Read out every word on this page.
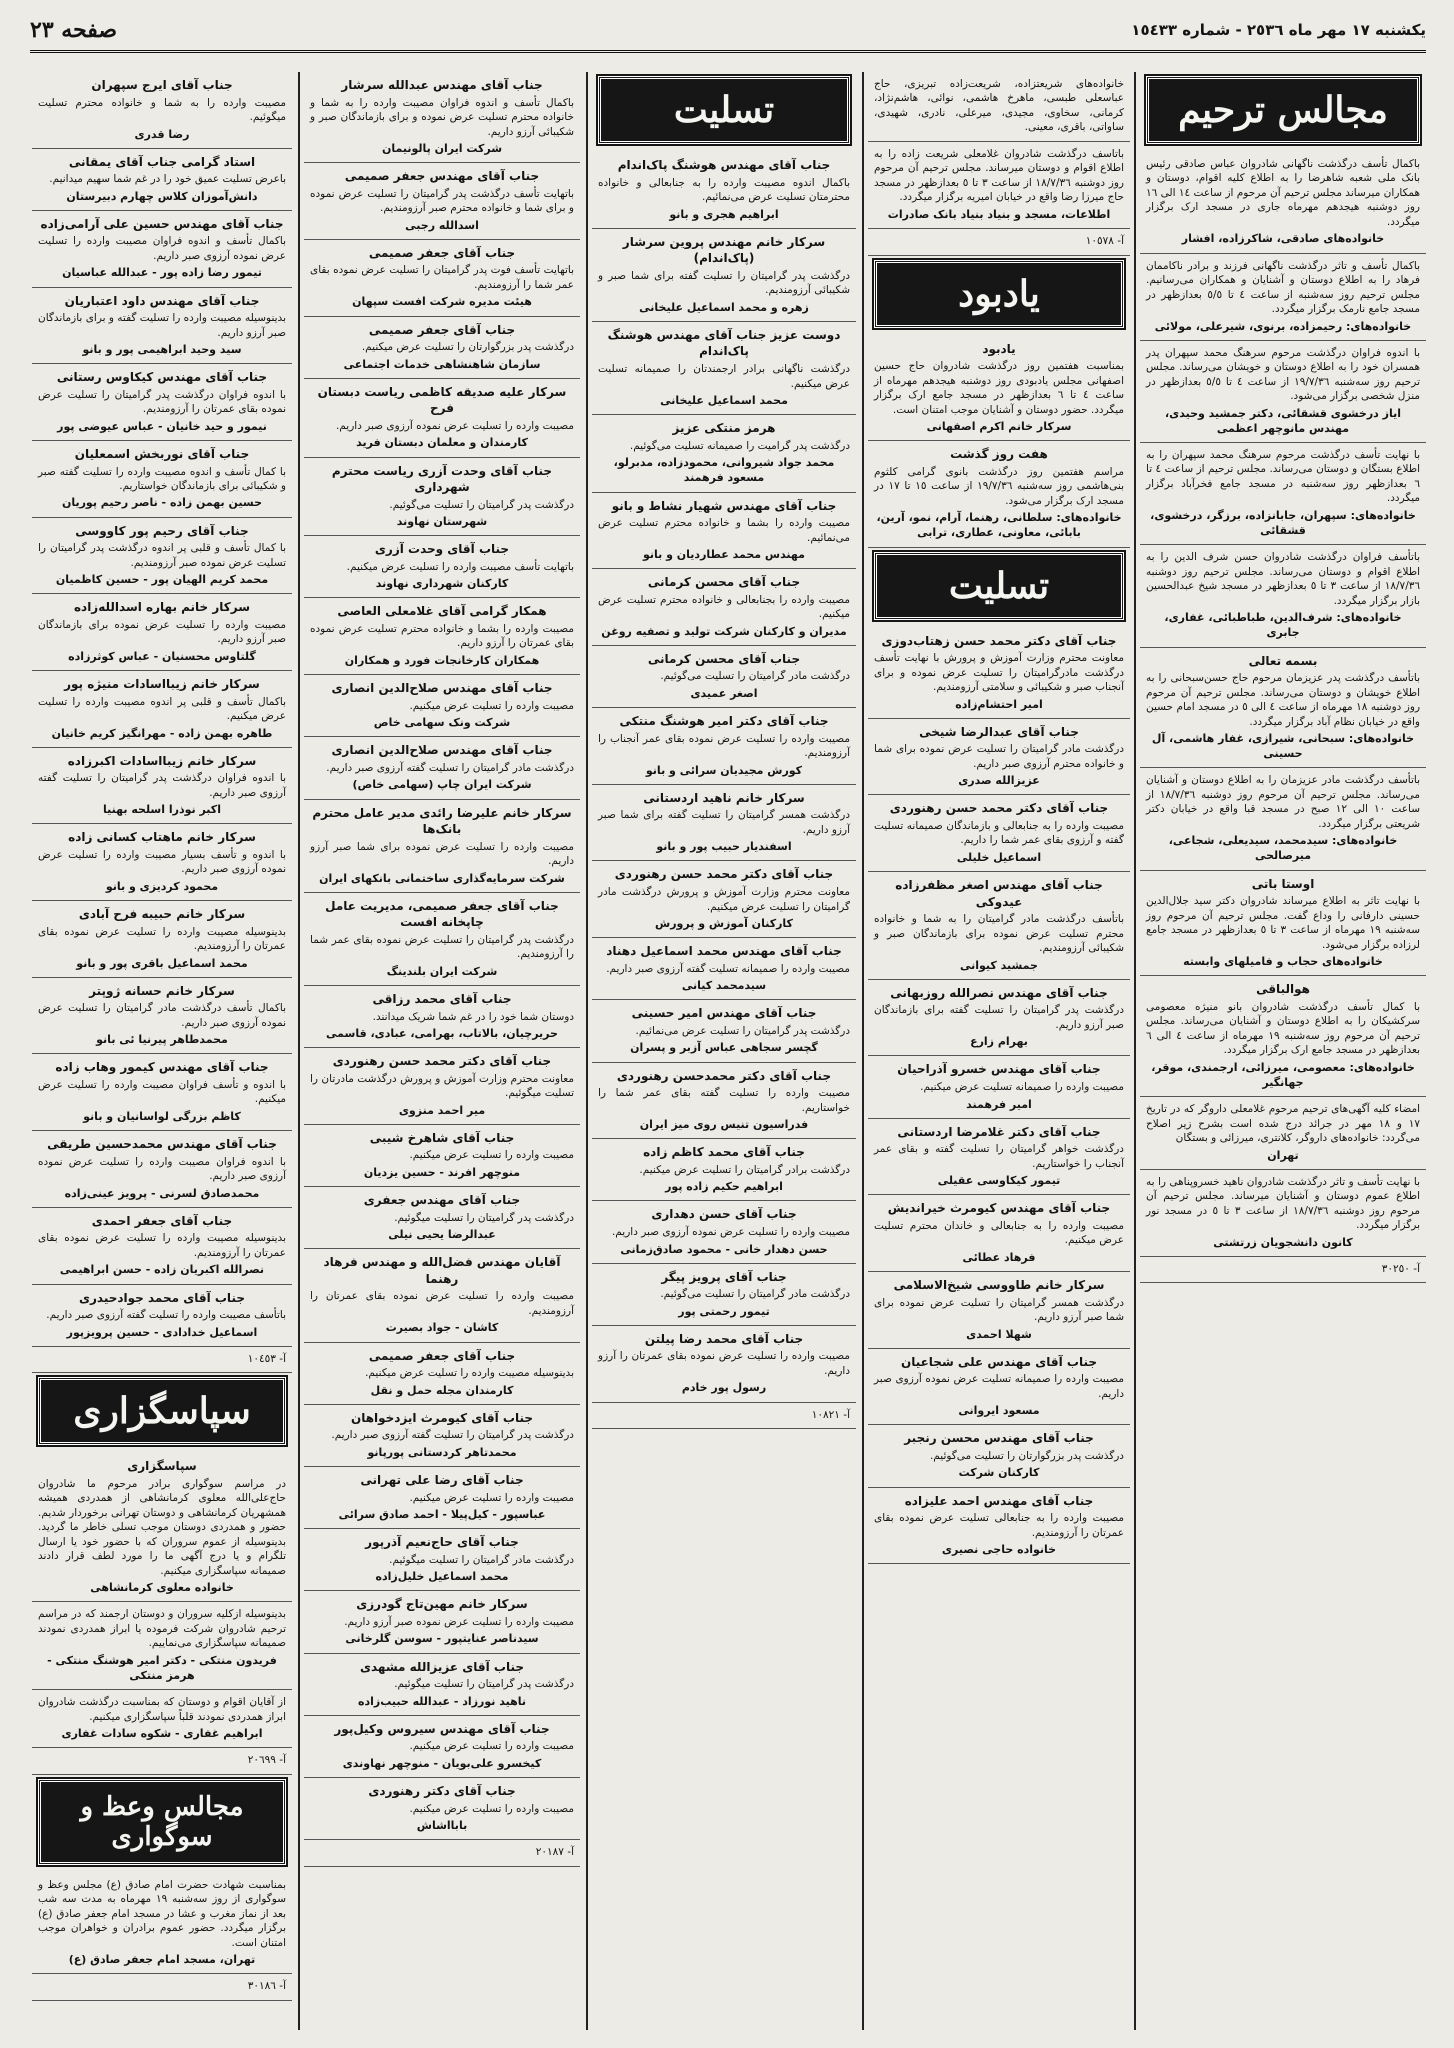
يكشنبه ١٧ مهر ماه ٢٥٣٦ - شماره ١٥٤٣٣
صفحه ٢٣
مجالس ترحيم
باکمال تأسف درگذشت ناگهانی شادروان عباس صادقی رئیس بانک ملی شعبه شاهرضا را به اطلاع کلیه اقوام، دوستان و همکاران میرساند مجلس ترحیم آن مرحوم از ساعت ١٤ الی ١٦ روز دوشنبه هیجدهم مهرماه جاری در مسجد ارک برگزار میگردد.
خانواده‌های صادقی، شاکرزاده، افشار
باکمال تأسف و تاثر درگذشت ناگهانی فرزند و برادر ناکاممان فرهاد را به اطلاع دوستان و آشنایان و همکاران می‌رسانیم. مجلس ترحیم روز سه‌شنبه از ساعت ٤ تا ٥/٥ بعدازظهر در مسجد جامع نارمک برگزار میگردد.
خانواده‌های: رحیمزاده، برنوی، شیرعلی، مولائی
با اندوه فراوان درگذشت مرحوم سرهنگ محمد سپهران پدر همسران خود را به اطلاع دوستان و خویشان می‌رساند. مجلس ترحیم روز سه‌شنبه ١٩/٧/٣٦ از ساعت ٤ تا ٥/٥ بعدازظهر در منزل شخصی برگزار می‌شود.
ایاز درخشوی قشقائی، دکتر جمشید وحیدی، مهندس مانوچهر اعظمی
با نهایت تأسف درگذشت مرحوم سرهنگ محمد سپهران را به اطلاع بستگان و دوستان می‌رساند. مجلس ترحیم از ساعت ٤ تا ٦ بعدازظهر روز سه‌شنبه در مسجد جامع فخرآباد برگزار میگردد.
خانواده‌های: سپهران، جابانزاده، برزگر، درخشوی، قشقائی
باتأسف فراوان درگذشت شادروان حسن شرف الدین را به اطلاع اقوام و دوستان می‌رساند. مجلس ترحیم روز دوشنبه ١٨/٧/٣٦ از ساعت ٣ تا ٥ بعدازظهر در مسجد شیخ عبدالحسین بازار برگزار میگردد.
خانواده‌های: شرف‌الدین، طباطبائی، غفاری، جابری
بسمه تعالی
باتأسف درگذشت پدر عزیزمان مرحوم حاج حسن‌سبحانی را به اطلاع خویشان و دوستان می‌رساند. مجلس ترحیم آن مرحوم روز دوشنبه ١٨ مهرماه از ساعت ٤ الی ٥ در مسجد امام حسین واقع در خیابان نظام آباد برگزار میگردد.
خانواده‌های: سبحانی، شیرازی، غفار هاشمی، آل حسینی
باتأسف درگذشت مادر عزیزمان را به اطلاع دوستان و آشنایان می‌رساند. مجلس ترحیم آن مرحوم روز دوشنبه ١٨/٧/٣٦ از ساعت ١٠ الی ١٢ صبح در مسجد قبا واقع در خیابان دکتر شریعتی برگزار میگردد.
خانواده‌های: سیدمحمد، سیدیعلی، شجاعی، میرصالحی
اوستا باتی
با نهایت تاثر به اطلاع میرساند شادروان دکتر سید جلال‌الدین حسینی دارفانی را وداع گفت. مجلس ترحیم آن مرحوم روز سه‌شنبه ١٩ مهرماه از ساعت ٣ تا ٥ بعدازظهر در مسجد جامع لرزاده برگزار می‌شود.
خانواده‌های حجاب و فامیلهای وابسته
هوالباقی
با کمال تأسف درگذشت شادروان بانو منیژه معصومی سرکشیکان را به اطلاع دوستان و آشنایان می‌رساند. مجلس ترحیم آن مرحوم روز سه‌شنبه ١٩ مهرماه از ساعت ٤ الی ٦ بعدازظهر در مسجد جامع ارک برگزار میگردد.
خانواده‌های: معصومی، میرزائی، ارجمندی، موقر، جهانگیر
امضاء کلیه آگهی‌های ترحیم مرحوم غلامعلی داروگر که در تاریخ ١٧ و ١٨ مهر در جرائد درج شده است بشرح زیر اصلاح می‌گردد: خانواده‌های داروگر، کلانتری، میرزائی و بستگان
تهران
با نهایت تأسف و تاثر درگذشت شادروان ناهید خسروپناهی را به اطلاع عموم دوستان و آشنایان میرساند. مجلس ترحیم آن مرحوم روز دوشنبه ١٨/٧/٣٦ از ساعت ٣ تا ٥ در مسجد نور برگزار میگردد.
کانون دانشجویان زرتشتی
آ- ٣٠٢٥٠
خانواده‌های شریعتزاده، شریعت‌زاده تبریزی، حاج عباسعلی طبسی، ماهرخ هاشمی، نوائی، هاشم‌نژاد، کرمانی، سخاوی، مجیدی، میرعلی، نادری، شهیدی، ساواتی، باقری، معینی.
باتاسف درگذشت شادروان غلامعلی شریعت زاده را به اطلاع اقوام و دوستان میرساند. مجلس ترحیم آن مرحوم روز دوشنبه ١٨/٧/٣٦ از ساعت ٣ تا ٥ بعدازظهر در مسجد حاج میرزا رضا واقع در خیابان امیریه برگزار میگردد.
اطلاعات، مسجد و بنیاد بنیاد بانک صادرات
آ- ١٠٥٧٨
يادبود
یادبود
بمناسبت هفتمین روز درگذشت شادروان حاج حسین اصفهانی مجلس یادبودی روز دوشنبه هیجدهم مهرماه از ساعت ٤ تا ٦ بعدازظهر در مسجد جامع ارک برگزار میگردد. حضور دوستان و آشنایان موجب امتنان است.
سرکار خانم اکرم اصفهانی
هفت روز گذشت
مراسم هفتمین روز درگذشت بانوی گرامی کلثوم بنی‌هاشمی روز سه‌شنبه ١٩/٧/٣٦ از ساعت ١٥ تا ١٧ در مسجد ارک برگزار می‌شود.
خانواده‌های: سلطانی، رهنما، آرام، نمو، آرین، بابائی، معاونی، عطاری، ترابی
تسليت
جناب آقای دکتر محمد حسن زهتاب‌دوزی
معاونت محترم وزارت آموزش و پرورش با نهایت تأسف درگذشت مادرگرامیتان را تسلیت عرض نموده و برای آنجناب صبر و شکیبائی و سلامتی آرزومندیم.
امیر احتشام‌زاده
جناب آقای عبدالرضا شیخی
درگذشت مادر گرامیتان را تسلیت عرض نموده برای شما و خانواده محترم آرزوی صبر داریم.
عزیزالله صدری
جناب آقای دکتر محمد حسن رهنوردی
مصیبت وارده را به جنابعالی و بازماندگان صمیمانه تسلیت گفته و آرزوی بقای عمر شما را داریم.
اسماعیل خلیلی
جناب آقای مهندس اصغر مظفرزاده عیدوکی
باتأسف درگذشت مادر گرامیتان را به شما و خانواده محترم تسلیت عرض نموده برای بازماندگان صبر و شکیبائی آرزومندیم.
جمشید کیوانی
جناب آقای مهندس نصرالله روزبهانی
درگذشت پدر گرامیتان را تسلیت گفته برای بازماندگان صبر آرزو داریم.
بهرام زارع
جناب آقای مهندس خسرو آذراحیان
مصیبت وارده را صمیمانه تسلیت عرض میکنیم.
امیر فرهمند
جناب آقای دکتر غلامرضا اردستانی
درگذشت خواهر گرامیتان را تسلیت گفته و بقای عمر آنجناب را خواستاریم.
تیمور کیکاوسی عقیلی
جناب آقای مهندس کیومرث خیراندیش
مصیبت وارده را به جنابعالی و خاندان محترم تسلیت عرض میکنیم.
فرهاد عطائی
سرکار خانم طاووسی شیخ‌الاسلامی
درگذشت همسر گرامیتان را تسلیت عرض نموده برای شما صبر آرزو داریم.
شهلا احمدی
جناب آقای مهندس علی شجاعیان
مصیبت وارده را صمیمانه تسلیت عرض نموده آرزوی صبر داریم.
مسعود ایروانی
جناب آقای مهندس محسن رنجبر
درگذشت پدر بزرگوارتان را تسلیت می‌گوئیم.
کارکنان شرکت
جناب آقای مهندس احمد علیزاده
مصیبت وارده را به جنابعالی تسلیت عرض نموده بقای عمرتان را آرزومندیم.
خانواده حاجی نصیری
تسليت
جناب آقای مهندس هوشنگ پاک‌اندام
باکمال اندوه مصیبت وارده را به جنابعالی و خانواده محترمتان تسلیت عرض می‌نمائیم.
ابراهیم هجری و بانو
سرکار خانم مهندس پروین سرشار (پاک‌اندام)
درگذشت پدر گرامیتان را تسلیت گفته برای شما صبر و شکیبائی آرزومندیم.
زهره و محمد اسماعیل علیخانی
دوست عزیز جناب آقای مهندس هوشنگ پاک‌اندام
درگذشت ناگهانی برادر ارجمندتان را صمیمانه تسلیت عرض میکنیم.
محمد اسماعیل علیخانی
هرمز منتکی عزیز
درگذشت پدر گرامیت را صمیمانه تسلیت می‌گوئیم.
محمد جواد شیروانی، محمودزاده، مدبرلو، مسعود فرهمند
جناب آقای مهندس شهیار نشاط و بانو
مصیبت وارده را بشما و خانواده محترم تسلیت عرض می‌نمائیم.
مهندس محمد عطاردیان و بانو
جناب آقای محسن کرمانی
مصیبت وارده را بجنابعالی و خانواده محترم تسلیت عرض میکنیم.
مدیران و کارکنان شرکت تولید و تصفیه روغن
جناب آقای محسن کرمانی
درگذشت مادر گرامیتان را تسلیت می‌گوئیم.
اصغر عمیدی
جناب آقای دکتر امیر هوشنگ منتکی
مصیبت وارده را تسلیت عرض نموده بقای عمر آنجناب را آرزومندیم.
کورش مجیدیان سرائی و بانو
سرکار خانم ناهید اردستانی
درگذشت همسر گرامیتان را تسلیت گفته برای شما صبر آرزو داریم.
اسفندیار حبیب پور و بانو
جناب آقای دکتر محمد حسن رهنوردی
معاونت محترم وزارت آموزش و پرورش درگذشت مادر گرامیتان را تسلیت عرض میکنیم.
کارکنان آموزش و پرورش
جناب آقای مهندس محمد اسماعیل دهناد
مصیبت وارده را صمیمانه تسلیت گفته آرزوی صبر داریم.
سیدمحمد کیانی
جناب آقای مهندس امیر حسینی
درگذشت پدر گرامیتان را تسلیت عرض می‌نمائیم.
گچسر سجاهی عباس آزبر و پسران
جناب آقای دکتر محمدحسن رهنوردی
مصیبت وارده را تسلیت گفته بقای عمر شما را خواستاریم.
فدراسیون تنیس روی میز ایران
جناب آقای محمد کاظم زاده
درگذشت برادر گرامیتان را تسلیت عرض میکنیم.
ابراهیم حکیم زاده پور
جناب آقای حسن دهداری
مصیبت وارده را تسلیت عرض نموده آرزوی صبر داریم.
حسن دهدار خانی - محمود صادق‌زمانی
جناب آقای پرویز پیگر
درگذشت مادر گرامیتان را تسلیت می‌گوئیم.
تیمور رحمتی پور
جناب آقای محمد رضا پیلتن
مصیبت وارده را تسلیت عرض نموده بقای عمرتان را آرزو داریم.
رسول پور خادم
آ- ١٠٨٢١
جناب آقای مهندس عبدالله سرشار
باکمال تأسف و اندوه فراوان مصیبت وارده را به شما و خانواده محترم تسلیت عرض نموده و برای بازماندگان صبر و شکیبائی آرزو داریم.
شرکت ایران پالونیمان
جناب آقای مهندس جعفر صمیمی
باتهایت تأسف درگذشت پدر گرامیتان را تسلیت عرض نموده و برای شما و خانواده محترم صبر آرزومندیم.
اسدالله رجبی
جناب آقای جعفر صمیمی
باتهایت تأسف فوت پدر گرامیتان را تسلیت عرض نموده بقای عمر شما را آرزومندیم.
هیئت مدیره شرکت افست سپهان
جناب آقای جعفر صمیمی
درگذشت پدر بزرگوارتان را تسلیت عرض میکنیم.
سازمان شاهنشاهی خدمات اجتماعی
سرکار علیه صدیقه کاظمی ریاست دبستان فرح
مصیبت وارده را تسلیت عرض نموده آرزوی صبر داریم.
کارمندان و معلمان دبستان فرید
جناب آقای وحدت آزری ریاست محترم شهرداری
درگذشت پدر گرامیتان را تسلیت می‌گوئیم.
شهرستان نهاوند
جناب آقای وحدت آزری
باتهایت تأسف مصیبت وارده را تسلیت عرض میکنیم.
کارکنان شهرداری نهاوند
همکار گرامی آقای غلامعلی العاصی
مصیبت وارده را بشما و خانواده محترم تسلیت عرض نموده بقای عمرتان را آرزو داریم.
همکاران کارخانجات فورد و همکاران
جناب آقای مهندس صلاح‌الدین انصاری
مصیبت وارده را تسلیت عرض میکنیم.
شرکت ونک سهامی خاص
جناب آقای مهندس صلاح‌الدین انصاری
درگذشت مادر گرامیتان را تسلیت گفته آرزوی صبر داریم.
شرکت ایران چاپ (سهامی خاص)
سرکار خانم علیرضا رائدی مدیر عامل محترم بانک‌ها
مصیبت وارده را تسلیت عرض نموده برای شما صبر آرزو داریم.
شرکت سرمایه‌گذاری ساختمانی بانکهای ایران
جناب آقای جعفر صمیمی، مدیریت عامل چاپخانه افست
درگذشت پدر گرامیتان را تسلیت عرض نموده بقای عمر شما را آرزومندیم.
شرکت ایران بلندینگ
جناب آقای محمد رزاقی
دوستان شما خود را در غم شما شریک میدانند.
حریرچیان، بالاتاب، بهرامی، عبادی، قاسمی
جناب آقای دکتر محمد حسن رهنوردی
معاونت محترم وزارت آموزش و پرورش درگذشت مادرتان را تسلیت میگوئیم.
میر احمد منزوی
جناب آقای شاهرخ شیبی
مصیبت وارده را تسلیت عرض میکنیم.
منوچهر افرند - حسین یزدیان
جناب آقای مهندس جعفری
درگذشت پدر گرامیتان را تسلیت میگوئیم.
عبدالرضا یحیی نیلی
آقایان مهندس فضل‌الله و مهندس فرهاد رهنما
مصیبت وارده را تسلیت عرض نموده بقای عمرتان را آرزومندیم.
کاشان - جواد بصیرت
جناب آقای جعفر صمیمی
بدینوسیله مصیبت وارده را تسلیت عرض میکنیم.
کارمندان مجله حمل و نقل
جناب آقای کیومرث ایزدخواهان
درگذشت پدر گرامیتان را تسلیت گفته آرزوی صبر داریم.
محمدتاهر کردستانی پورپانو
جناب آقای رضا علی تهرانی
مصیبت وارده را تسلیت عرض میکنیم.
عباسپور - کیل‌پیلا - احمد صادق سرائی
جناب آقای حاج‌نعیم آذرپور
درگذشت مادر گرامیتان را تسلیت میگوئیم.
محمد اسماعیل خلیل‌زاده
سرکار خانم مهین‌تاج گودرزی
مصیبت وارده را تسلیت عرض نموده صبر آرزو داریم.
سیدناصر عنایتپور - سوسن گلرخانی
جناب آقای عزیزالله مشهدی
درگذشت پدر گرامیتان را تسلیت میگوئیم.
ناهید نورزاد - عبدالله حبیب‌زاده
جناب آقای مهندس سیروس وکیل‌پور
مصیبت وارده را تسلیت عرض میکنیم.
کیخسرو علی‌بویان - منوچهر نهاوندی
جناب آقای دکتر رهنوردی
مصیبت وارده را تسلیت عرض میکنیم.
بابااشاش
آ- ٢٠١٨٧
جناب آقای ایرج سپهران
مصیبت وارده را به شما و خانواده محترم تسلیت میگوئیم.
رضا قدری
استاد گرامی جناب آقای یمقانی
باعرض تسلیت عمیق خود را در غم شما سهیم میدانیم.
دانش‌آموزان کلاس چهارم دبیرستان
جناب آقای مهندس حسین علی آرامی‌زاده
باکمال تأسف و اندوه فراوان مصیبت وارده را تسلیت عرض نموده آرزوی صبر داریم.
تیمور رضا زاده پور - عبدالله عباسیان
جناب آقای مهندس داود اعتباریان
بدینوسیله مصیبت وارده را تسلیت گفته و برای بازماندگان صبر آرزو داریم.
سید وحید ابراهیمی پور و بانو
جناب آقای مهندس کیکاوس رستانی
با اندوه فراوان درگذشت پدر گرامیتان را تسلیت عرض نموده بقای عمرتان را آرزومندیم.
نیمور و حید خانیان - عباس عیوضی پور
جناب آقای نوربخش اسمعلیان
با کمال تأسف و اندوه مصیبت وارده را تسلیت گفته صبر و شکیبائی برای بازماندگان خواستاریم.
حسین بهمن زاده - ناصر رحیم پوریان
جناب آقای رحیم پور کاووسی
با کمال تأسف و قلبی پر اندوه درگذشت پدر گرامیتان را تسلیت عرض نموده صبر آرزومندیم.
محمد کریم الهیان پور - حسین کاظمیان
سرکار خانم بهاره اسدالله‌زاده
مصیبت وارده را تسلیت عرض نموده برای بازماندگان صبر آرزو داریم.
گلتاوس محسنیان - عباس کوثرزاده
سرکار خانم زیبااسادات منیژه پور
باکمال تأسف و قلبی پر اندوه مصیبت وارده را تسلیت عرض میکنیم.
طاهره بهمن زاده - مهرانگیز کریم خانیان
سرکار خانم زیبااسادات اکبرزاده
با اندوه فراوان درگذشت پدر گرامیتان را تسلیت گفته آرزوی صبر داریم.
اکبر نوذرا اسلحه بهنیا
سرکار خانم ماهتاب کسانی زاده
با اندوه و تأسف بسیار مصیبت وارده را تسلیت عرض نموده آرزوی صبر داریم.
محمود کردیزی و بانو
سرکار خانم حبیبه فرح آبادی
بدینوسیله مصیبت وارده را تسلیت عرض نموده بقای عمرتان را آرزومندیم.
محمد اسماعیل باقری پور و بانو
سرکار خانم حسانه ژوپتر
باکمال تأسف درگذشت مادر گرامیتان را تسلیت عرض نموده آرزوی صبر داریم.
محمدطاهر پیرنیا ئی بانو
جناب آقای مهندس کیمور وهاب زاده
با اندوه و تأسف فراوان مصیبت وارده را تسلیت عرض میکنیم.
کاظم بزرگی لواسانیان و بانو
جناب آقای مهندس محمدحسین طریقی
با اندوه فراوان مصیبت وارده را تسلیت عرض نموده آرزوی صبر داریم.
محمدصادق لسرنی - پرویز عینی‌زاده
جناب آقای جعفر احمدی
بدینوسیله مصیبت وارده را تسلیت عرض نموده بقای عمرتان را آرزومندیم.
نصرالله اکبریان زاده - حسن ابراهیمی
جناب آقای محمد جواد‌حیدری
باتأسف مصیبت وارده را تسلیت گفته آرزوی صبر داریم.
اسماعیل خدادادی - حسین پرویزپور
آ- ١٠٤٥٣
سپاسگزاری
سپاسگزاری
در مراسم سوگواری برادر مرحوم ما شادروان حاج‌علی‌الله معلوی کرمانشاهی از همدردی همیشه همشهریان کرمانشاهی و دوستان تهرانی برخوردار شدیم. حضور و همدردی دوستان موجب تسلی خاطر ما گردید. بدینوسیله از عموم سروران که با حضور خود یا ارسال تلگرام و یا درج آگهی ما را مورد لطف قرار دادند صمیمانه سپاسگزاری میکنیم.
خانواده معلوی کرمانشاهی
بدینوسیله ازکلیه سروران و دوستان ارجمند که در مراسم ترحیم شادروان شرکت فرموده یا ابراز همدردی نمودند صمیمانه سپاسگزاری می‌نماییم.
فریدون منتکی - دکتر امیر هوشنگ منتکی - هرمز منتکی
از آقایان اقوام و دوستان که بمناسبت درگذشت شادروان ابراز همدردی نمودند قلباً سپاسگزاری میکنیم.
ابراهیم غفاری - شکوه سادات غفاری
آ- ٢٠٦٩٩
مجالس وعظ و سوگواری
بمناسبت شهادت حضرت امام صادق (ع) مجلس وعظ و سوگواری از روز سه‌شنبه ١٩ مهرماه به مدت سه شب بعد از نماز مغرب و عشا در مسجد امام جعفر صادق (ع) برگزار میگردد. حضور عموم برادران و خواهران موجب امتنان است.
تهران، مسجد امام جعفر صادق (ع)
آ- ٣٠١٨٦
